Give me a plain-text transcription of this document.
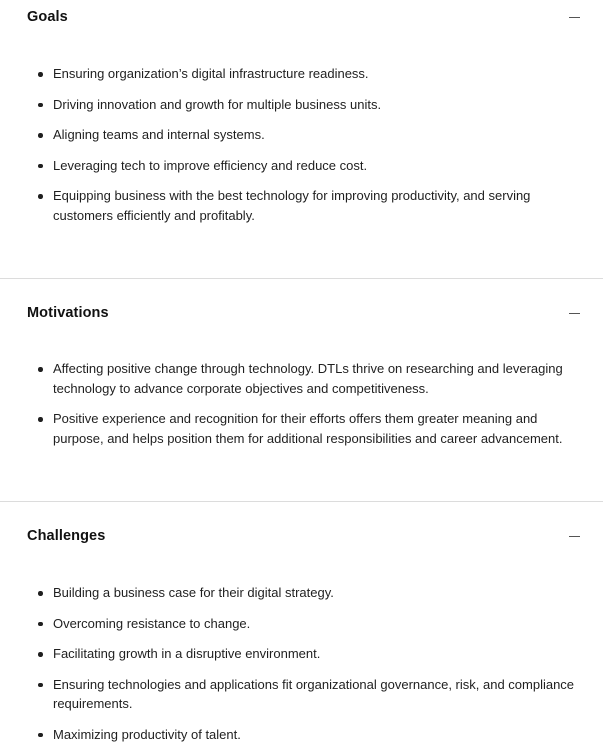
Goals
Ensuring organization’s digital infrastructure readiness.
Driving innovation and growth for multiple business units.
Aligning teams and internal systems.
Leveraging tech to improve efficiency and reduce cost.
Equipping business with the best technology for improving productivity, and serving customers efficiently and profitably.
Motivations
Affecting positive change through technology. DTLs thrive on researching and leveraging technology to advance corporate objectives and competitiveness.
Positive experience and recognition for their efforts offers them greater meaning and purpose, and helps position them for additional responsibilities and career advancement.
Challenges
Building a business case for their digital strategy.
Overcoming resistance to change.
Facilitating growth in a disruptive environment.
Ensuring technologies and applications fit organizational governance, risk, and compliance requirements.
Maximizing productivity of talent.
